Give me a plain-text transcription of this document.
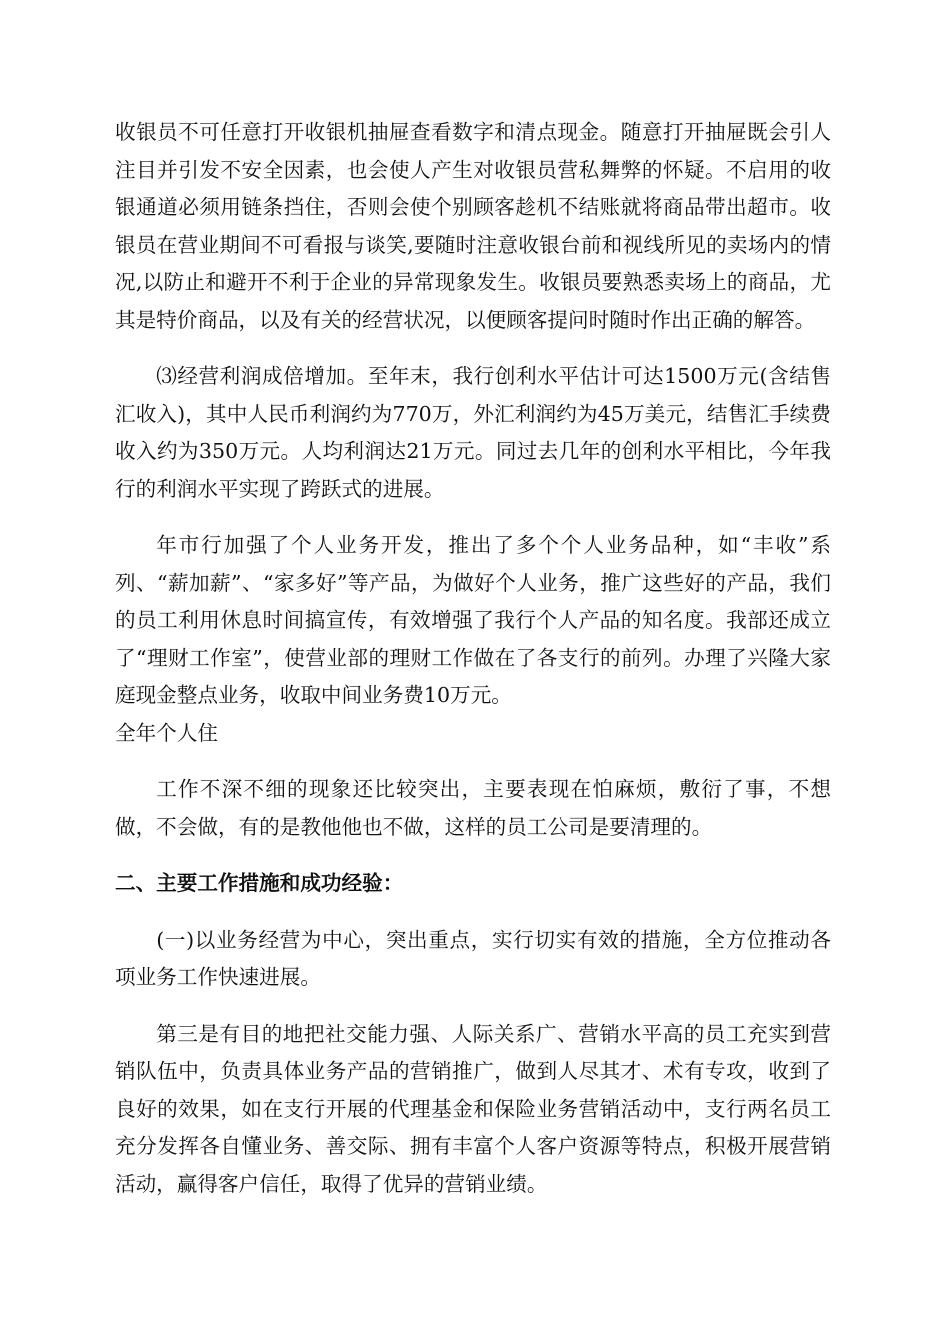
收银员不可任意打开收银机抽屉查看数字和清点现金。随意打开抽屉既会引人注目并引发不安全因素，也会使人产生对收银员营私舞弊的怀疑。不启用的收银通道必须用链条挡住，否则会使个别顾客趁机不结账就将商品带出超市。收银员在营业期间不可看报与谈笑,要随时注意收银台前和视线所见的卖场内的情况,以防止和避开不利于企业的异常现象发生。收银员要熟悉卖场上的商品，尤其是特价商品，以及有关的经营状况，以便顾客提问时随时作出正确的解答。

⑶经营利润成倍增加。至年末，我行创利水平估计可达1500万元(含结售汇收入)，其中人民币利润约为770万，外汇利润约为45万美元，结售汇手续费收入约为350万元。人均利润达21万元。同过去几年的创利水平相比，今年我行的利润水平实现了跨跃式的进展。

年市行加强了个人业务开发，推出了多个个人业务品种，如“丰收”系列、“薪加薪”、“家多好”等产品，为做好个人业务，推广这些好的产品，我们的员工利用休息时间搞宣传，有效增强了我行个人产品的知名度。我部还成立了“理财工作室”，使营业部的理财工作做在了各支行的前列。办理了兴隆大家庭现金整点业务，收取中间业务费10万元。

全年个人住

工作不深不细的现象还比较突出，主要表现在怕麻烦，敷衍了事，不想做，不会做，有的是教他他也不做，这样的员工公司是要清理的。

二、主要工作措施和成功经验：

(一)以业务经营为中心，突出重点，实行切实有效的措施，全方位推动各项业务工作快速进展。

第三是有目的地把社交能力强、人际关系广、营销水平高的员工充实到营销队伍中，负责具体业务产品的营销推广，做到人尽其才、术有专攻，收到了良好的效果，如在支行开展的代理基金和保险业务营销活动中，支行两名员工充分发挥各自懂业务、善交际、拥有丰富个人客户资源等特点，积极开展营销活动，赢得客户信任，取得了优异的营销业绩。
